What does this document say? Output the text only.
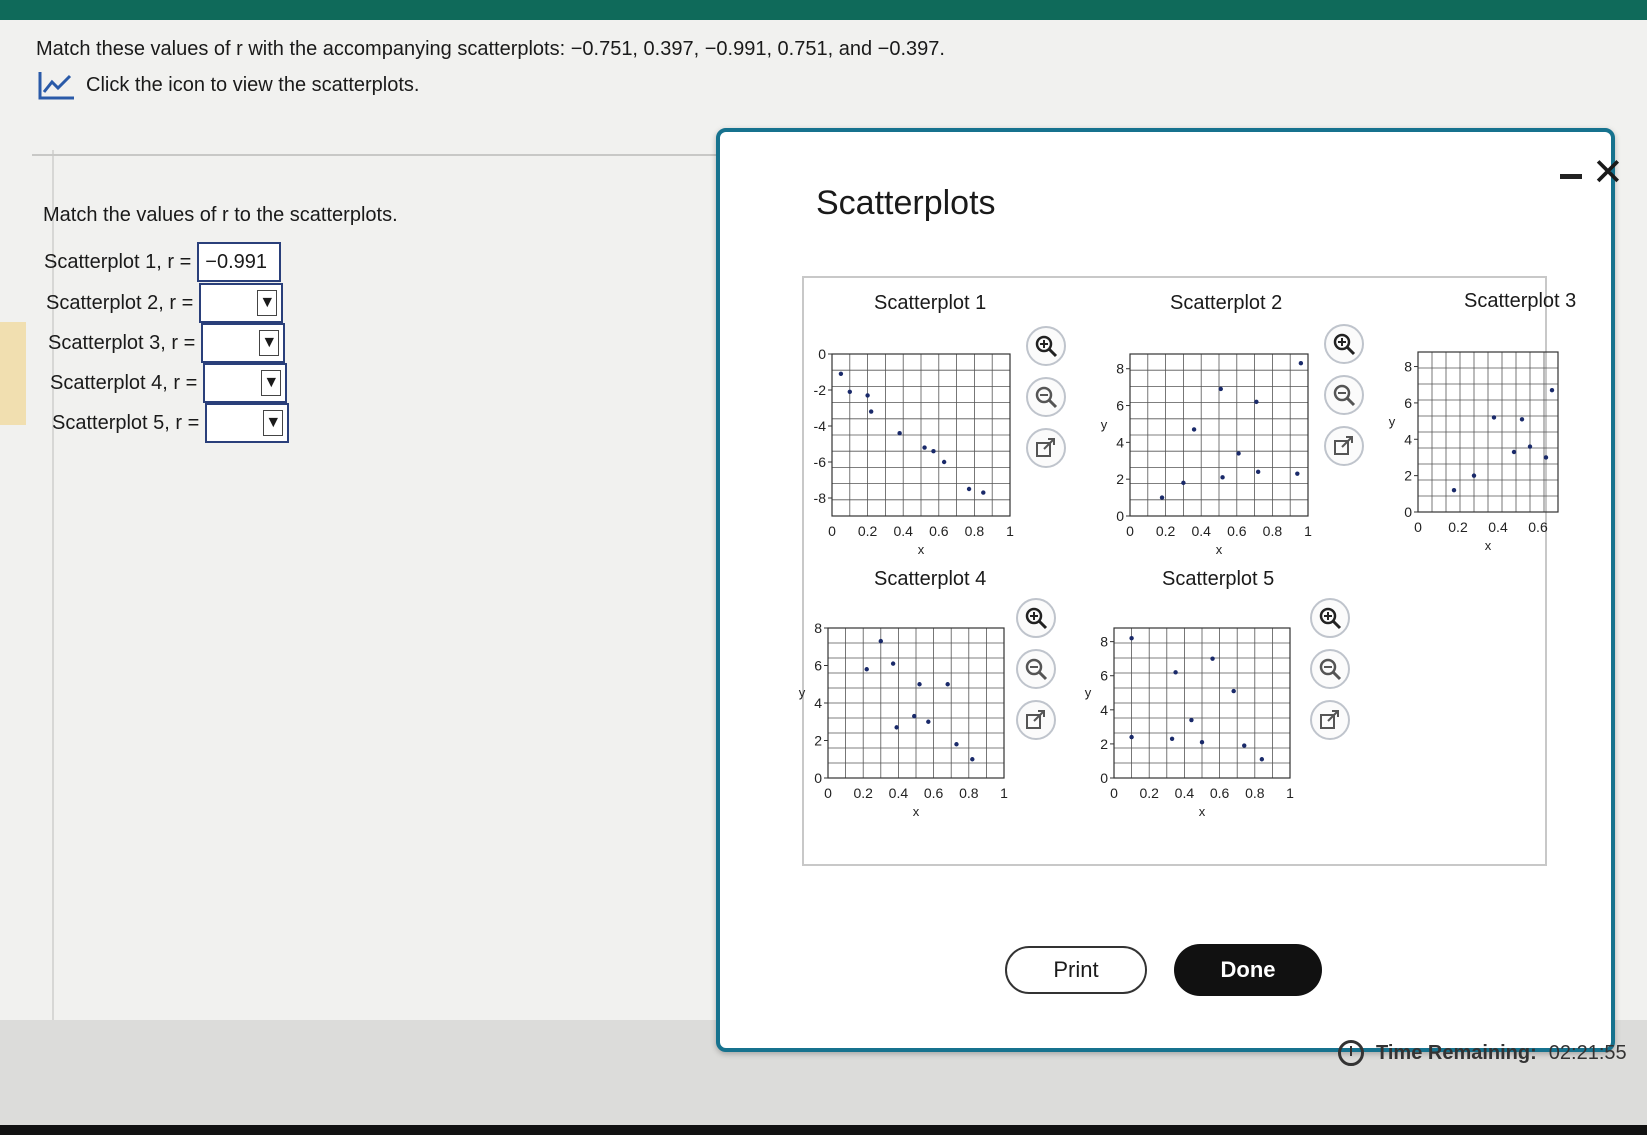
Match these values of r with the accompanying scatterplots: −0.751, 0.397, −0.991, 0.751, and −0.397.
Click the icon to view the scatterplots.
Match the values of r to the scatterplots.
Scatterplot 1, r = −0.991
Scatterplot 2, r =	▼
Scatterplot 3, r =	▼
Scatterplot 4, r =	▼
Scatterplot 5, r =	▼
Scatterplots
✕
Scatterplot 1
0 0.2 0.4 0.6 0.8 1
0
-2
-4
-6
-8
x
Scatterplot 2
0 0.2 0.4 0.6 0.8 1
0
2
4
6
8
x
y
Scatterplot 3
0 0.2 0.4 0.6
0
2
4
6
8
x
y
Scatterplot 4
0 0.2 0.4 0.6 0.8 1
0
2
4
6
8
x
y
Scatterplot 5
0 0.2 0.4 0.6 0.8 1
0
2
4
6
8
x
y
Print	Done
Time Remaining: 02:21:55
